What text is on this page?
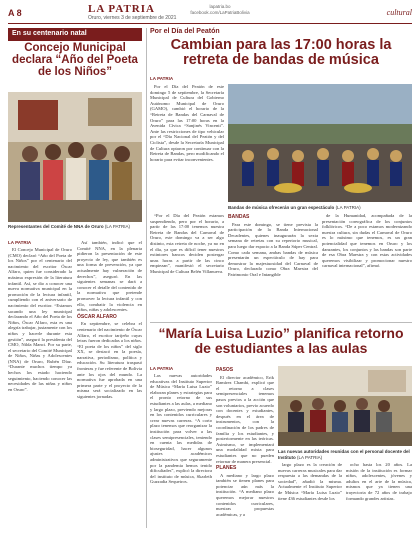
A 8	LA PATRIA
Oruro, viernes 3 de septiembre de 2021
lapatria.bo
facebook.com/LaPatriaBolivia	cultural
En su centenario natal
Concejo Municipal declara “Año del Poeta de los Niños”
Representantes del Comité de NNA de Oruro (LA PATRIA)
LA PATRIA

El Concejo Municipal de Oruro (CMO) declaró “Año del Poeta de los Niños” por el centenario del nacimiento del escritor Óscar Alfaro, quien fue considerado la máxima expresión de la literatura infantil. Así, se dio a conocer una nueva normativa municipal en la promoción de la lectura infantil, cumpliendo con el aniversario de nacimiento del escritor. “Estamos sacando una ley municipal declarando el Año del Poeta de los Niños, Óscar Alfaro, esta es una alegría trabajar, justamente con los niños y hacerle durante esta gestión”, aseguró la presidenta del CMO, Nilda Manci. Por su parte, el secretario del Comité Municipal de Niños, Niñas y Adolescentes (NNA) de Oruro, Rubén Díaz. “Durante muchos tiempo ya hechos los estado haciendo seguimiento, haciendo conocer las necesidades de las niñas y niños en Oruro”.

Así también, indicó que el Comité NNA, en la plenaria pidieron la presentación de este proyecto de ley, que también es una forma de prevención, ya que actualmente hay vulneración de derechos”, aseguró. En las siguientes semanas se dará a conocer el detalle del contenido de la normativa que pretende promover la lectura infantil y con ello, combatir la violencia en niños, niñas y adolescentes.

ÓSCAR ALFARO

En septiembre, se celebra el centenario del nacimiento de Óscar Alfaro, el escritor tarijeño cuyas letras fueron dedicadas a los niños. “El poeta de los niños” del siglo XX, se destacó en la poesía, narrativa, periodismo, política y educación. Su literatura traspasó fronteras y fue referente de Bolivia ante los ojos del mundo. La normativa fue aprobada en una primera parte y el proyecto de la misma será socializado en las siguientes jornadas.

Por el Día del Peatón
Cambian para las 17:00 horas la retreta de bandas de música
LA PATRIA
Bandas de música ofrecerán un gran espectáculo (LA PATRIA)

Por el Día del Peatón de este domingo 5 de septiembre, la Secretaría Municipal de Cultura del Gobierno Autónomo Municipal de Oruro (GAMO), cambió el horario de la “Retreta de Bandas del Carnaval de Oruro” para las 17:00 horas en la Avenida Cívica “Sanjinés Vincenti”. Ante las restricciones de tipo vehicular por el “Día Nacional del Peatón y del Ciclista”, desde la Secretaría Municipal de Cultura optaron por continuar con la Retreta de Bandas, pero modificando el horario para evitar inconvenientes.

“Por el Día del Peatón estamos suspendiendo, pero por el horario, a partir de las 17:00 tenemos nuestra Retreta de Bandas del Carnaval de Oruro, este domingo va a ser algo distinto, esta retreta de noche, ya no en el día, ya que es difícil tener nuestros extintores bancos deciden postergar unas horas a partir de las cinco empiezan”, manifestó el secretario Municipal de Cultura Belén Villanueva.

BANDAS

Para este domingo, se tiene prevista la participación de la Banda Internacional Decadentes, quienes inaugurarán la sexta semana de retretas con su repertorio musical, para luego dar espacio a la Banda Súper Central. Como cada semana, ambas bandas de música presentarán un espectáculo de hay para demostrar la majestuosidad del Carnaval de Oruro, declarado como Obra Maestra del Patrimonio Oral e Intangible

de la Humanidad, acompañada de la presentación coreográfica de los conjuntos folklóricos. “De a poco estamos modernizando nuestra cultura, sin dudas el Carnaval de Oruro es lo máximo que tenemos, es un gran potencialidad que tenemos en Oruro y los danzantes, los conjuntos y las bandas son parte de esa Obra Maestra y con estas actividades queremos visibilizar y promocionar nuestro carnaval internacional”, afirmó.

“María Luisa Luzio” planifica retorno de estudiantes a las aulas
LA PATRIA

Las nuevas autoridades educativas del Instituto Superior de Música “María Luisa Luzio” elaboran planes y estrategias para el pronto retorno de sus estudiantes a las aulas, a mediano y largo plazo, previendo mejoras en los contenidos curriculares y crear nuevas carreras. “A corto plazo tenemos que reorganizar la institución para volver a las clases semipresenciales, teniendo en cuenta las medidas de bioseguridad, hacer algunos ajustes académicos administrativos que seguramente por la pandemia hemos tenido dificultades”, explicó la directora del instituto de música, Skarleth Guzzadia Sequeiros.

PASOS

El director académico, Erik Ramírez Chambi, explicó que el retorno a clases semipresenciales tenemos pasos previos a la acción que son voluntarios, previo acuerdo con docentes y estudiantes, después en el área de instrumentos, con la coordinación de los padres de familia y los estudiantes, y posteriormente en las teóricas. Asimismo, se implementará una modalidad mixta para estudiantes que no pueden retornar de manera presencial.

PLANES

A mediano y largo plazo también se tienen planes para potenciar aún más la institución. “A mediano plazo queremos mejorar nuestros contenidos curriculares, nuestras propuestas académicas, y a

Las nuevas autoridades reunidas con el personal docente del Instituto (LA PATRIA)

largo plazo es la creación de nuevas carreras musicales para dar respuesta a las demandas de la sociedad”, añadió la misma. Actualmente el Instituto Superior de Música “María Luisa Luzio” tiene 436 estudiantes desde los

ocho hasta los 20 años. La misión de la institución es formar niños, adolescentes, jóvenes y adultos en el arte de la música, mismos que ya tienen una trayectoria de 72 años de trabajo formando grandes artistas.
